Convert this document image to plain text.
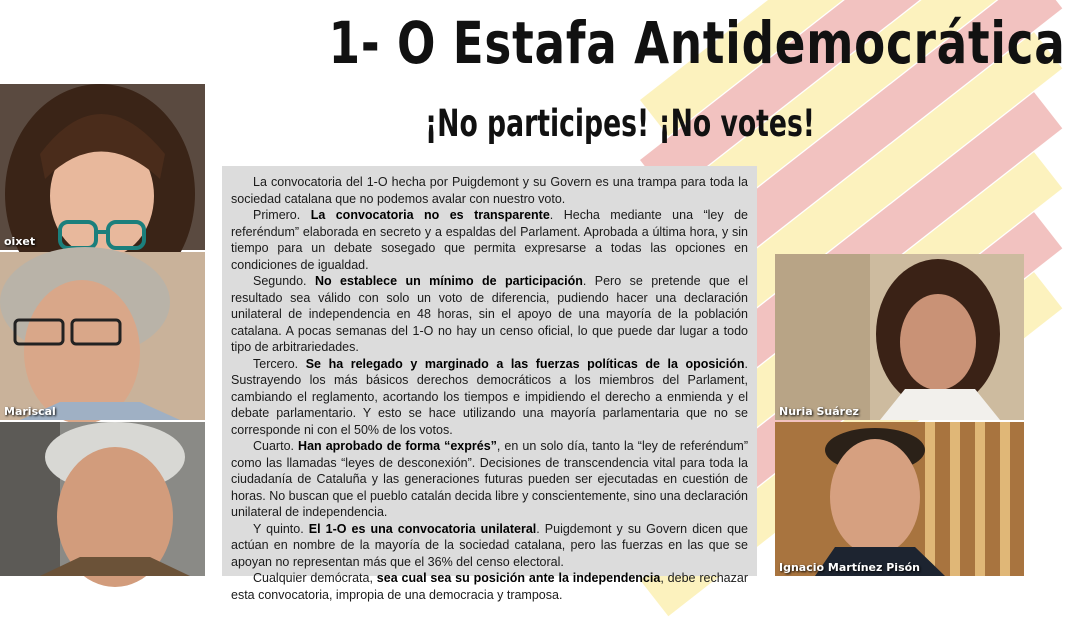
1- O Estafa Antidemocrática
¡No participes! ¡No votes!
oixet
Mariscal

La convocatoria del 1-O hecha por Puigdemont y su Govern es una trampa para toda la sociedad catalana que no podemos avalar con nuestro voto.

Primero. La convocatoria no es transparente. Hecha mediante una “ley de referéndum” elaborada en secreto y a espaldas del Parlament. Aprobada a última hora, y sin tiempo para un debate sosegado que permita expresarse a todas las opciones en condiciones de igualdad.

Segundo. No establece un mínimo de participación. Pero se pretende que el resultado sea válido con solo un voto de diferencia, pudiendo hacer una declaración unilateral de independencia en 48 horas, sin el apoyo de una mayoría de la población catalana. A pocas semanas del 1-O no hay un censo oficial, lo que puede dar lugar a todo tipo de arbitrariedades.

Tercero. Se ha relegado y marginado a las fuerzas políticas de la oposición. Sustrayendo los más básicos derechos democráticos a los miembros del Parlament, cambiando el reglamento, acortando los tiempos e impidiendo el derecho a enmienda y el debate parlamentario. Y esto se hace utilizando una mayoría parlamentaria que no se corresponde ni con el 50% de los votos.

Cuarto. Han aprobado de forma “exprés”, en un solo día, tanto la “ley de referéndum” como las llamadas “leyes de desconexión”. Decisiones de transcendencia vital para toda la ciudadanía de Cataluña y las generaciones futuras pueden ser ejecutadas en cuestión de horas. No buscan que el pueblo catalán decida libre y conscientemente, sino una declaración unilateral de independencia.

Y quinto. El 1-O es una convocatoria unilateral. Puigdemont y su Govern dicen que actúan en nombre de la mayoría de la sociedad catalana, pero las fuerzas en las que se apoyan no representan más que el 36% del censo electoral.

Cualquier demócrata, sea cual sea su posición ante la independencia, debe rechazar esta convocatoria, impropia de una democracia y tramposa.

Nuria Suárez
Ignacio Martínez Pisón
